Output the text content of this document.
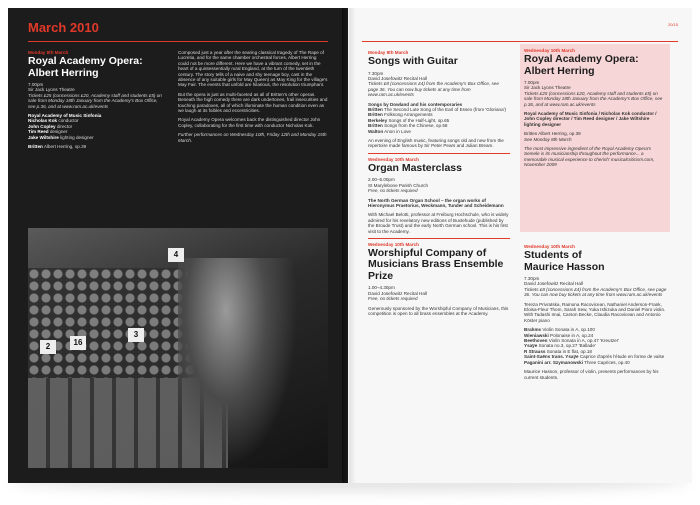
March 2010

Monday 8th March

Royal Academy Opera:
Albert Herring

7.00pm

Sir Jack Lyons Theatre

Tickets £25 (concessions £20, Academy staff and students £5) on sale from Monday 18th January from the Academy's Box Office, see p.36, and at www.ram.ac.uk/events

Royal Academy of Music Sinfonia

Nicholas Kok conductor

John Copley director

Tim Reed designer

Jake Wiltshire lighting designer

Britten Albert Herring, op.39

Composed just a year after the searing classical tragedy of The Rape of Lucretia, and for the same chamber orchestral forces, Albert Herring could not be more different. Here we have a vibrant comedy, set in the heart of a quintessentially rural England, at the turn of the twentieth century. The story tells of a naive and shy teenage boy, cast in the absence of any suitable girls for May Queen) as May King for the village's May Fair. The events that unfold are hilarious, the resolution triumphant.

But the opera is just as multi-faceted as all of Britten's other operas. Beneath the high comedy there are dark undertones, frail insecurities and touching paradoxes, all of which illuminate the human condition even as we laugh at its foibles and eccentricities.

Royal Academy Opera welcomes back the distinguished director John Copley, collaborating for the first time with conductor Nicholas Kok.

Further performances on Wednesday 10th, Friday 12th and Monday 15th March.

2	16
3
4
20/15

Monday 8th March

Songs with Guitar

7.30pm

David Josefowitz Recital Hall

Tickets £8 (concessions £4) from the Academy's Box Office, see page 36. You can now buy tickets at any time from www.ram.ac.uk/events

Songs by Dowland and his contemporaries

Britten The Second Lute Song of the Earl of Essex (from 'Gloriana')

Britten Folksong Arrangements

Berkeley Songs of the Half-Light, op.65

Britten Songs from the Chinese, op.58

Walton Anon in Love

An evening of English music, featuring songs old and new from the repertoire made famous by Sir Peter Pears and Julian Bream.

Wednesday 10th March

Organ Masterclass

2.00–5.00pm

St Marylebone Parish Church

Free, no tickets required

The North German Organ School – the organ works of Hieronymus Praetorius, Weckmann, Tunder and Scheidemann

With Michael Belotti, professor at Freiburg Hochschule, who is widely admired for his revelatory new editions of Buxtehude (published by the Broude Trust) and the early North German school. This is his first visit to the Academy.

Wednesday 10th March

Worshipful Company of Musicians Brass Ensemble Prize

1.00–4.30pm

David Josefowitz Recital Hall

Free, no tickets required

Generously sponsored by the Worshipful Company of Musicians, this competition is open to all brass ensembles at the Academy.

Wednesday 10th March

Royal Academy Opera:
Albert Herring

7.00pm

Sir Jack Lyons Theatre

Tickets £25 (concessions £20, Academy staff and students £5) on sale from Monday 18th January from the Academy's Box Office, see p.36, and at www.ram.ac.uk/events

Royal Academy of Music Sinfonia / Nicholas Kok conductor / John Copley director / Tim Reed designer / Jake Wiltshire lighting designer

Britten Albert Herring, op.39

See Monday 8th March

The most impressive ingredient of the Royal Academy Opera's Semele is its musicianship throughout the performance... a memorable musical experience to cherish' musicalcriticism.com, November 2009

Wednesday 10th March

Students of
Maurice Hasson

7.30pm

David Josefowitz Recital Hall

Tickets £8 (concessions £4) from the Academy's Box Office, see page 36. You can now buy tickets at any time from www.ram.ac.uk/events

Tereza Privratska, Ramona Racovicean, Nathaniel Anderson-Frank, Eloisa-Fleur Thom, Sarah Sew, Yuka Ishizuka and Daniel Pioro violin. With Tadashi Imai, Carson Becke, Claudia Racovicean and Antonio Köster piano

Brahms Violin Sonata in A, op.100

Wieniawski Polonaise in A, op.24

Beethoven Violin Sonata in A, op.47 'Kreutzer'

Ysaÿe Sonata no.3, op.27 'Ballade'

R Strauss Sonata in E flat, op.18

Saint-Saëns trans. Ysaÿe Caprice d'après l'étude en forme de valse

Paganini arr. Szymanowski Three Caprices, op.40

Maurice Hasson, professor of violin, presents performances by his current students.
